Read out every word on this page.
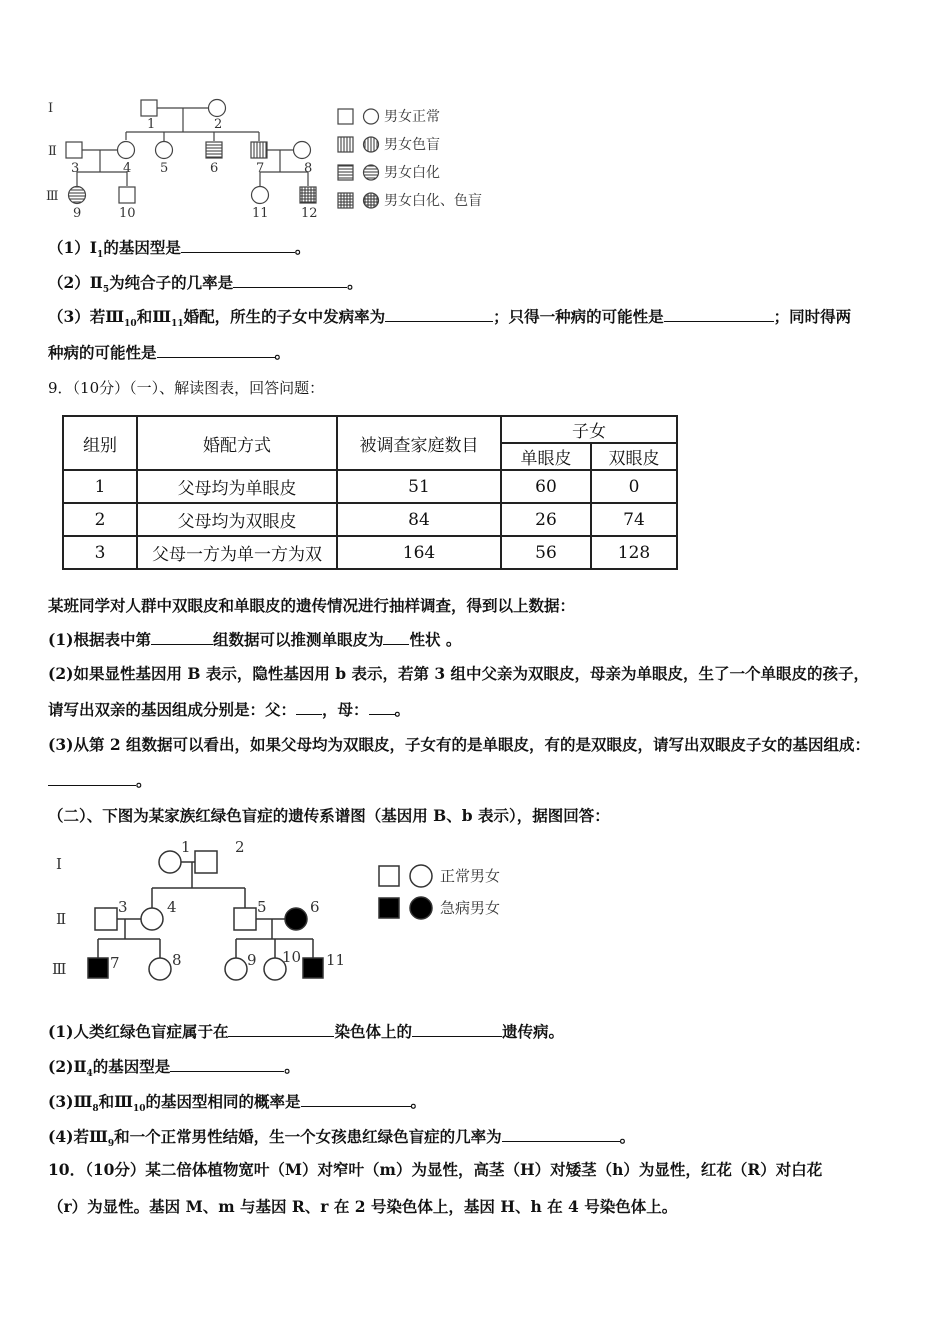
Ⅰ
Ⅱ
Ⅲ
1	2
3	4 5	6	7	8
9	10	11 12
男女正常
男女色盲
男女白化
男女白化、色盲
$(1)Ⅰ_1$的基因型是	。
$(2)Ⅱ_5$为纯合子的几率是	。
（3）若$Ⅲ_{10}$和$Ⅲ_{11}$婚配，所生的子女中发病率为	；只得一种病的可能性是	；同时得两
种病的可能性是	。
9．（10分）（一）、解读图表，回答问题：
组别	婚配方式	被调查家庭数目	子女	
			单眼皮	双眼皮
1	父母均为单眼皮	51	60	0
2	父母均为双眼皮	84	26	74
3	父母一方为单一方为双	164	56	128
某班同学对人群中双眼皮和单眼皮的遗传情况进行抽样调查，得到以上数据：
(1)根据表中第	组数据可以推测单眼皮为 性状 。
(2)如果显性基因用 B 表示，隐性基因用 b 表示，若第 3 组中父亲为双眼皮，母亲为单眼皮，生了一个单眼皮的孩子，
请写出双亲的基因组成分别是：父： ，母： 。
(3)从第 2 组数据可以看出，如果父母均为双眼皮，子女有的是单眼皮，有的是双眼皮，请写出双眼皮子女的基因组成：
。
（二）、下图为某家族红绿色盲症的遗传系谱图（基因用 B、b 表示），据图回答：
Ⅰ
Ⅱ
Ⅲ
1	2
3	4	5	6
7	8	9 10 11
正常男女
急病男女
(1)人类红绿色盲症属于在	染色体上的	遗传病。
$(2)Ⅱ_4$的基因型是	。
$(3)Ⅲ_8$和$Ⅲ_{10}$的基因型相同的概率是	。
(4)若$Ⅲ_9$和一个正常男性结婚，生一个女孩患红绿色盲症的几率为	。
10．（10分）某二倍体植物宽叶（M）对窄叶（m）为显性，高茎（H）对矮茎（h）为显性，红花（R）对白花
（r）为显性。基因 M、m 与基因 R、r 在 2 号染色体上，基因 H、h 在 4 号染色体上。
